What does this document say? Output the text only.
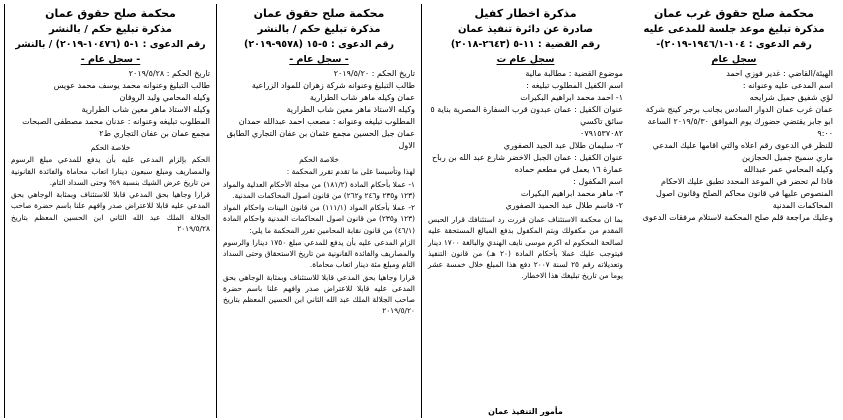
محكمة صلح حقوق غرب عمان
مذكرة تبليغ موعد جلسة للمدعى عليه
رقم الدعوى : ١٠٤-١٩٤٦/١-٢٠١٩)-
سجل عام
الهيئة/القاضي : غدير فوزي احمد
اسم المدعى عليه وعنوانه :
لؤي شفيق جميل شرايحه
عمان غرب عمان الدوار السادس بجانب برجر كينج شركة ابو جابر يقتضي حضورك يوم الموافق ٢٠١٩/٥/٣٠ الساعة ٩:٠٠
للنظر في الدعوى رقم اعلاه والتي اقامها عليك المدعي
ماري سميح جميل الحجازين
وكيله المحامي عمر عبدالله
فاذا لم تحضر في الموعد المحدد تطبق عليك الاحكام المنصوص عليها في قانون محاكم الصلح وقانون اصول المحاكمات المدنية
وعليك مراجعة قلم صلح المحكمة لاستلام مرفقات الدعوى
مذكرة اخطار كفيل
صادرة عن دائرة تنفيذ عمان
رقم القضية : ١١-٥ (٢٦٤٣-٢٠١٨)
سجل عام ت
موضوع القضية : مطالبة مالية
اسم الكفيل المطلوب تبليغه :
١- احمد محمد ابراهيم البكيرات
عنوان الكفيل : عمان عبدون قرب السفارة المصرية بناية ٥ سائق تاكسي
٠٧٩١٥٣٧٠٨٢
٢- سليمان طلال عبد الجيد الصفوري
عنوان الكفيل : عمان الجبل الاخضر شارع عبد الله بن رباح عمارة ١٦ يعمل في مطعم حماده
اسم المكفول :
٣- ماهر محمد ابراهيم البكيرات
٢- قاسم طلال عبد الحميد الصفوري

بما ان محكمة الاستئناف عمان قررت رد استئنافك قرار الحبس المقدم من مكفولك وبتم المكفول بدفع المبالغ المستحقة عليه لصالحة المحكوم له اكرم موسى نايف الهندي والبالغة ١٧٠٠ دينار فيتوجب عليك عملا بأحكام المادة (٢٠ هـ) من قانون التنفيذ وتعديلاته رقم ٢٥ لسنة ٢٠٠٧ دفع هذا المبلغ خلال خمسة عشر يوما من تاريخ تبليغك هذا الاخطار.

مأمور التنفيذ عمان
محكمة صلح حقوق عمان
مذكرة تبليغ حكم / بالنشر
رقم الدعوى : ٥-١٥ (٩٥٧٨-٢٠١٩)
- سجل عام -
تاريخ الحكم : ٢٠١٩/٥/٢٠
طالب التبليغ وعنوانه شركة زهران للمواد الزراعية
عمان وكيله ماهر شاب الطرارية
وكيله الاستاذ ماهر معين شاب الطرارية
المطلوب تبليغه وعنوانه : مصعب احمد عبدالله حمدان
عمان جبل الحسين مجمع عثمان بن عفان التجاري الطابق الاول

خلاصة الحكم

لهذا وتأسيسا على ما تقدم تقرر المحكمة :

١- عملا بأحكام المادة (١٨١/٢) من مجلة الأحكام العدلية والمواد (١٢٣ و٢٣٥ و٢٤٦ و٢٦٢) من قانون اصول المحاكمات المدنية.

٢- عملا بأحكام المواد (١١١/١) من قانون البينات واحكام المواد (١٢٣ و٢٣٥) من قانون اصول المحاكمات المدنية واحكام المادة (٤٦/١) من قانون نقابة المحامين تقرر المحكمة ما يلي:

الزام المدعى عليه بأن يدفع للمدعي مبلغ ١٧٥٠ دينارا والرسوم والمصاريف والفائدة القانونية من تاريخ الاستحقاق وحتى السداد التام ومبلغ مئة دينار اتعاب محاماة.

قرارا وجاهيا بحق المدعي قابلا للاستئناف وبمثابة الوجاهي بحق المدعى عليه قابلا للاعتراض صدر وافهم علنا باسم حضرة صاحب الجلالة الملك عبد الله الثاني ابن الحسين المعظم بتاريخ ٢٠١٩/٥/٢٠

محكمة صلح حقوق عمان
مذكرة تبليغ حكم / بالنشر
رقم الدعوى : ١-٥ (١٠٤٧٦-٢٠١٩) / بالنشر
- سجل عام -
تاريخ الحكم : ٢٠١٩/٥/٢٨
طالب التبليغ وعنوانه محمد يوسف محمد عويس
وكيله المحامي وليد الروفان
وكيله الاستاذ ماهر معين شاب الطرارية
المطلوب تبليغه وعنوانه : عدنان محمد مصطفى الصبحات
مجمع عمان بن عفان التجاري ط٢

خلاصة الحكم

الحكم بإلزام المدعى عليه بأن يدفع للمدعي مبلغ الرسوم والمصاريف ومبلغ سبعون دينارا اتعاب محاماة والفائدة القانونية من تاريخ عرض الشيك بنسبة ٩% وحتى السداد التام.

قرارا وجاهيا بحق المدعي قابلا للاستئناف وبمثابة الوجاهي بحق المدعي عليه قابلا للاعتراض صدر وافهم علنا باسم حضرة صاحب الجلالة الملك عبد الله الثاني ابن الحسين المعظم بتاريخ ٢٠١٩/٥/٢٨
